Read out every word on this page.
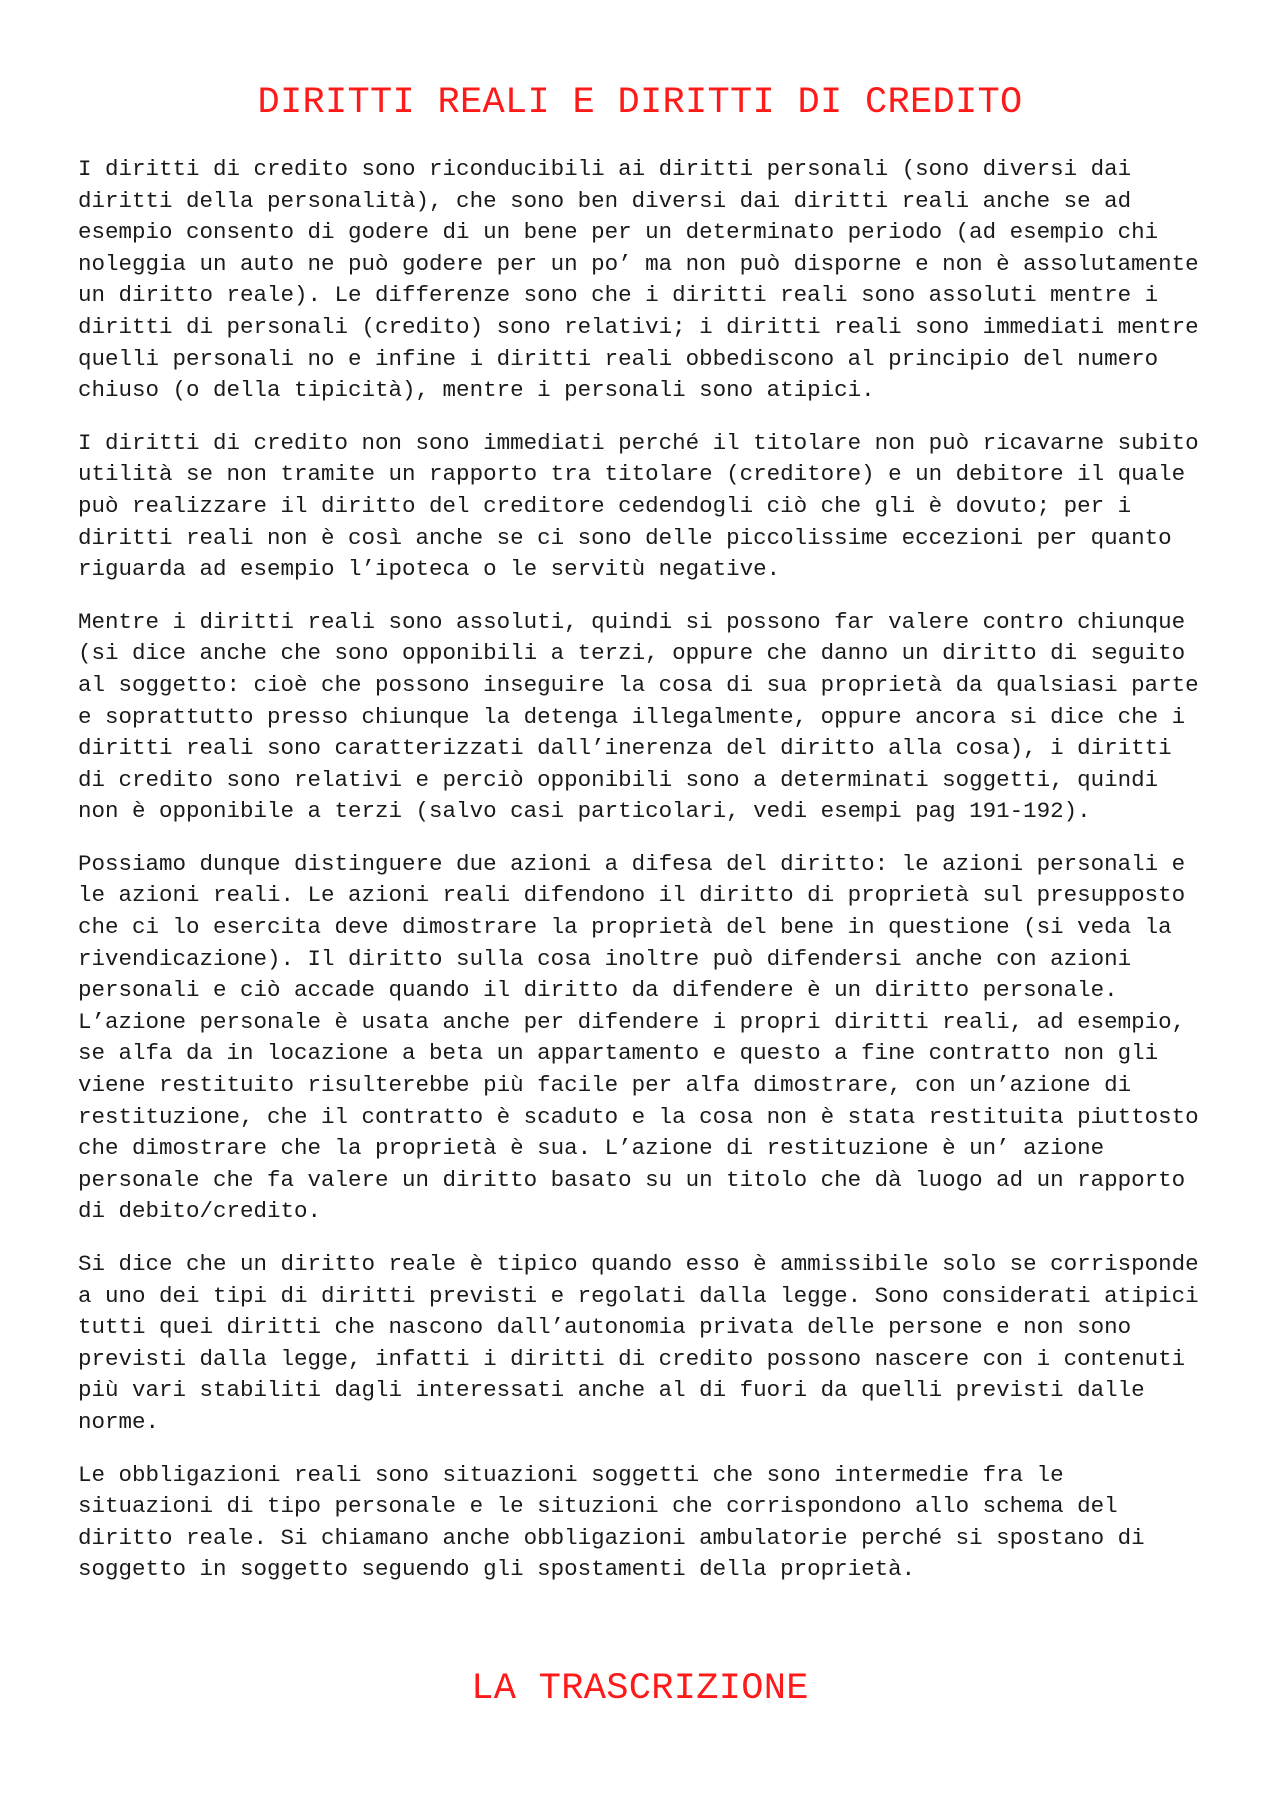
DIRITTI REALI E DIRITTI DI CREDITO

I diritti di credito sono riconducibili ai diritti personali (sono diversi dai diritti della personalità), che sono ben diversi dai diritti reali anche se ad esempio consento di godere di un bene per un determinato periodo (ad esempio chi noleggia un auto ne può godere per un po’ ma non può disporne e non è assolutamente un diritto reale). Le differenze sono che i diritti reali sono assoluti mentre i diritti di personali (credito) sono relativi; i diritti reali sono immediati mentre quelli personali no e infine i diritti reali obbediscono al principio del numero chiuso (o della tipicità), mentre i personali sono atipici.

I diritti di credito non sono immediati perché il titolare non può ricavarne subito utilità se non tramite un rapporto tra titolare (creditore) e un debitore il quale può realizzare il diritto del creditore cedendogli ciò che gli è dovuto; per i diritti reali non è così anche se ci sono delle piccolissime eccezioni per quanto riguarda ad esempio l’ipoteca o le servitù negative.

Mentre i diritti reali sono assoluti, quindi si possono far valere contro chiunque (si dice anche che sono opponibili a terzi, oppure che danno un diritto di seguito al soggetto: cioè che possono inseguire la cosa di sua proprietà da qualsiasi parte e soprattutto presso chiunque la detenga illegalmente, oppure ancora si dice che i diritti reali sono caratterizzati dall’inerenza del diritto alla cosa), i diritti di credito sono relativi e perciò opponibili sono a determinati soggetti, quindi non è opponibile a terzi (salvo casi particolari, vedi esempi pag 191-192).

Possiamo dunque distinguere due azioni a difesa del diritto: le azioni personali e le azioni reali. Le azioni reali difendono il diritto di proprietà sul presupposto che ci lo esercita deve dimostrare la proprietà del bene in questione (si veda la rivendicazione). Il diritto sulla cosa inoltre può difendersi anche con azioni personali e ciò accade quando il diritto da difendere è un diritto personale. L’azione personale è usata anche per difendere i propri diritti reali, ad esempio, se alfa da in locazione a beta un appartamento e questo a fine contratto non gli viene restituito risulterebbe più facile per alfa dimostrare, con un’azione di restituzione, che il contratto è scaduto e la cosa non è stata restituita piuttosto che dimostrare che la proprietà è sua. L’azione di restituzione è un’ azione personale che fa valere un diritto basato su un titolo che dà luogo ad un rapporto di debito/credito.

Si dice che un diritto reale è tipico quando esso è ammissibile solo se corrisponde a uno dei tipi di diritti previsti e regolati dalla legge. Sono considerati atipici tutti quei diritti che nascono dall’autonomia privata delle persone e non sono previsti dalla legge, infatti i diritti di credito possono nascere con i contenuti più vari stabiliti dagli interessati anche al di fuori da quelli previsti dalle norme.

Le obbligazioni reali sono situazioni soggetti che sono intermedie fra le situazioni di tipo personale e le situzioni che corrispondono allo schema del diritto reale. Si chiamano anche obbligazioni ambulatorie perché si spostano di soggetto in soggetto seguendo gli spostamenti della proprietà.

LA TRASCRIZIONE
